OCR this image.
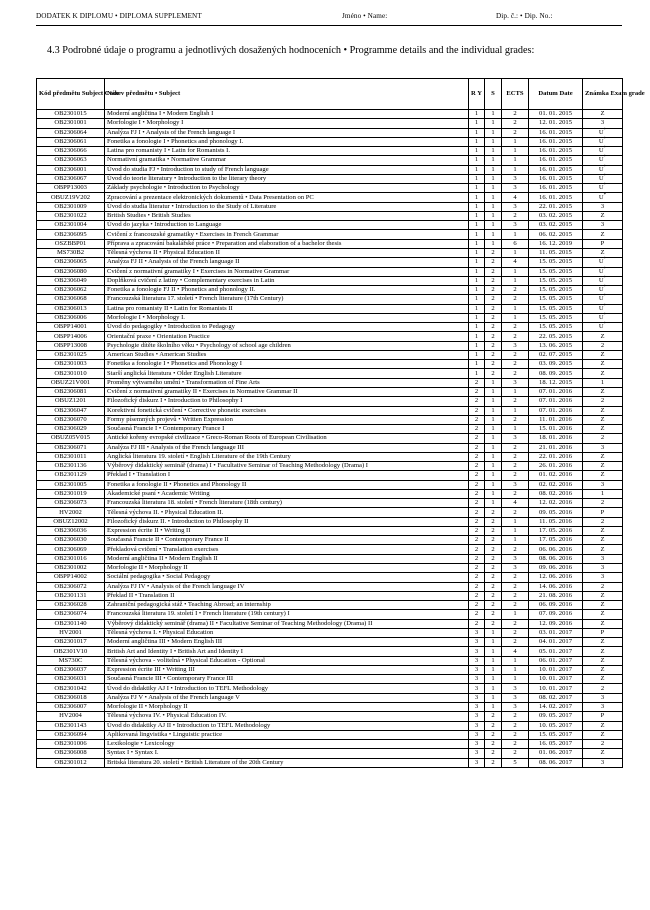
DODATEK K DIPLOMU • DIPLOMA SUPPLEMENT	Jméno • Name:	Dip. č.: • Dip. No.:
4.3 Podrobné údaje o programu a jednotlivých dosažených hodnoceních • Programme details and the individual grades:
Kód předmětu Subject Code	Název předmětu • Subject	R Y	S	ECTS	Datum Date	Známka Exam grade
OB2301015	Moderní angličtina I • Modern English I	1	1	2	01. 01. 2015	Z
OB2301001	Morfologie I • Morphology I	1	1	2	12. 01. 2015	3
OB2306064	Analýza FJ I • Analysis of the French language I	1	1	2	16. 01. 2015	U*
OB2306061	Fonetika a fonologie I • Phonetics and phonology I.	1	1	1	16. 01. 2015	U*
OB2306066	Latina pro romanisty I • Latin for Romanists I.	1	1	1	16. 01. 2015	U*
OB2306063	Normativní gramatika • Normative Grammar	1	1	1	16. 01. 2015	U*
OB2306001	Úvod do studia FJ • Introduction to study of French language	1	1	1	16. 01. 2015	U*
OB2306067	Úvod do teorie literatury • Introduction to the literary theory	1	1	3	16. 01. 2015	U*
OBPP13003	Základy psychologie • Introduction to Psychology	1	1	3	16. 01. 2015	U*
OBUZ19V202	Zpracování a prezentace elektronických dokumentů • Data Presentation on PC	1	1	4	16. 01. 2015	U*
OB2301009	Úvod do studia literatur • Introduction to the Study of Literature	1	1	3	22. 01. 2015	3
OB2301022	British Studies • British Studies	1	1	2	03. 02. 2015	Z
OB2301004	Úvod do jazyka • Introduction to Language	1	1	3	03. 02. 2015	3
OB2306095	Cvičení z francouzské gramatiky • Exercises in French Grammar	1	1	1	06. 02. 2015	Z
OSZBBP01	Příprava a zpracování bakalářské práce • Preparation and elaboration of a bachelor thesis	1	1	6	16. 12. 2019	P
MS730B2	Tělesná výchova II • Physical Education II	1	2	1	11. 05. 2015	Z
OB2306065	Analýza FJ II • Analysis of the French language II	1	2	4	15. 05. 2015	U*
OB2306080	Cvičení z normativní gramatiky I • Exercises in Normative Grammar	1	2	1	15. 05. 2015	U*
OB2306049	Doplňková cvičení z latiny • Complementary exercises in Latin	1	2	1	15. 05. 2015	U*
OB2306062	Fonetika a fonologie FJ II • Phonetics and phonology II.	1	2	2	15. 05. 2015	U*
OB2306068	Francouzská literatura 17. století • French literature (17th Century)	1	2	2	15. 05. 2015	U*
OB2306013	Latina pro romanisty II • Latin for Romanists II	1	2	1	15. 05. 2015	U*
OB2306006	Morfologie I • Morphology I.	1	2	1	15. 05. 2015	U*
OBPP14001	Úvod do pedagogiky • Introduction to Pedagogy	1	2	2	15. 05. 2015	U*
OBPP14006	Orientační praxe • Orientation Practice	1	2	2	22. 05. 2015	Z
OBPP13008	Psychologie dítěte školního věku • Psychology of school age children	1	2	3	13. 06. 2015	2
OB2301025	American Studies • American Studies	1	2	2	02. 07. 2015	Z
OB2301003	Fonetika a fonologie I • Phonetics and Phonology I	1	2	2	03. 09. 2015	Z
OB2301010	Starší anglická literatura • Older English Literature	1	2	2	08. 09. 2015	Z
OBUZ21V001	Proměny výtvarného umění • Transformation of Fine Arts	2	1	3	18. 12. 2015	1
OB2306081	Cvičení z normativní gramatiky II • Exercises in Normative Grammar II	2	1	1	07. 01. 2016	Z
OBUZ1201	Filozofický diskurz I • Introduction to Philosophy I	2	1	2	07. 01. 2016	2
OB2306047	Korektivní fonetická cvičení • Corrective phonetic exercises	2	1	1	07. 01. 2016	Z
OB2306070	Formy písemných projevů • Written Expression	2	1	2	11. 01. 2016	Z
OB2306029	Současná Francie I • Contemporary France I	2	1	1	15. 01. 2016	Z
OBUZ05V015	Antické kořeny evropské civilizace • Greco-Roman Roots of European Civilisation	2	1	3	18. 01. 2016	2
OB2306071	Analýza FJ III • Analysis of the French language III	2	1	2	21. 01. 2016	3
OB2301011	Anglická literatura 19. století • English Literature of the 19th Century	2	1	2	22. 01. 2016	Z
OB2301136	Výběrový didaktický seminář (drama) I • Facultative Seminar of Teaching Methodology (Drama) I	2	1	2	26. 01. 2016	Z
OB2301129	Překlad I • Translation I	2	1	2	01. 02. 2016	Z
OB2301005	Fonetika a fonologie II • Phonetics and Phonology II	2	1	3	02. 02. 2016	3
OB2301019	Akademické psaní • Academic Writing	2	1	2	08. 02. 2016	1
OB2306073	Francouzská literatura 18. století • French literature (18th century)	2	1	4	12. 02. 2016	2
HV2002	Tělesná výchova II. • Physical Education II.	2	2	2	09. 05. 2016	P
OBUZ12002	Filozofický diskurz II. • Introduction to Philosophy II	2	2	1	11. 05. 2016	2
OB2306036	Expression écrite II • Writing II	2	2	1	17. 05. 2016	Z
OB2306030	Současná Francie II • Contemporary France II	2	2	1	17. 05. 2016	Z
OB2306069	Překladová cvičení • Translation exercises	2	2	2	06. 06. 2016	Z
OB2301016	Moderní angličtina II • Modern English II	2	2	3	08. 06. 2016	3
OB2301002	Morfologie II • Morphology II	2	2	3	09. 06. 2016	3
OBPP14002	Sociální pedagogika • Social Pedagogy	2	2	2	12. 06. 2016	3
OB2306072	Analýza FJ IV • Analysis of the French language IV	2	2	2	14. 06. 2016	2
OB2301131	Překlad II • Translation II	2	2	2	21. 08. 2016	Z
OB2306028	Zahraniční pedagogická stáž • Teaching Abroad; an internship	2	2	2	06. 09. 2016	Z
OB2306074	Francouzská literatura 19. století I • French literature (19th century) I	2	2	1	07. 09. 2016	Z
OB2301140	Výběrový didaktický seminář (drama) II • Facultative Seminar of Teaching Methodology (Drama) II	2	2	2	12. 09. 2016	Z
HV2001	Tělesná výchova I. • Physical Education	3	1	2	03. 01. 2017	P
OB2301017	Moderní angličtina III • Modern English III	3	1	2	04. 01. 2017	Z
OB2301V10	British Art and Identity I • British Art and Identity I	3	1	4	05. 01. 2017	Z
MS730C	Tělesná výchova - volitelná • Physical Education - Optional	3	1	1	06. 01. 2017	Z
OB2306037	Expression écrite III • Writing III	3	1	1	10. 01. 2017	Z
OB2306031	Současná Francie III • Contemporary France III	3	1	1	10. 01. 2017	Z
OB2301042	Úvod do didaktiky AJ I • Introduction to TEFL Methodology	3	1	3	10. 01. 2017	2
OB2306018	Analýza FJ V • Analysis of the French language V	3	1	3	08. 02. 2017	3
OB2306007	Morfologie II • Morphology II	3	1	3	14. 02. 2017	3
HV2004	Tělesná výchova IV. • Physical Education IV.	3	2	2	09. 05. 2017	P
OB2301143	Úvod do didaktiky AJ II • Introduction to TEFL Methodology	3	2	2	10. 05. 2017	Z
OB2306094	Aplikovaná lingvistika • Linguistic practice	3	2	2	15. 05. 2017	Z
OB2301006	Lexikologie • Lexicology	3	2	2	16. 05. 2017	2
OB2306008	Syntax I • Syntax I.	3	2	2	01. 06. 2017	Z
OB2301012	Britská literatura 20. století • British Literature of the 20th Century	3	2	5	08. 06. 2017	3
